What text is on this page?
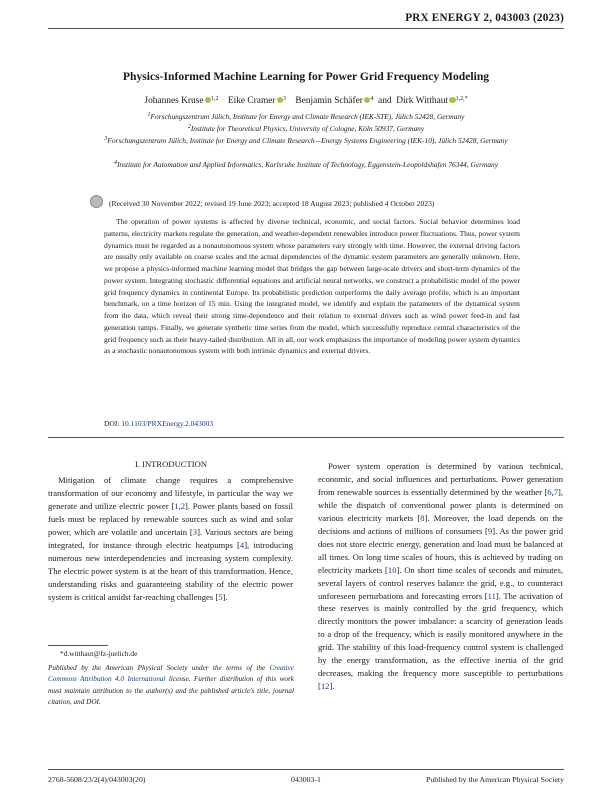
PRX ENERGY 2, 043003 (2023)
Physics-Informed Machine Learning for Power Grid Frequency Modeling
Johannes Kruse $^{1,2}$ Eike Cramer $^3$ Benjamin Schäfer $^4$  and  Dirk Witthaut $^{1,2,*}$
$^1$Forschungszentrum Jülich, Institute for Energy and Climate Research (IEK-STE), Jülich 52428, Germany
$^2$Institute for Theoretical Physics, University of Cologne, Köln 50937, Germany
$^3$Forschungszentrum Jülich, Institute for Energy and Climate Research—Energy Systems Engineering (IEK-10), Jülich 52428, Germany
$^4$Institute for Automation and Applied Informatics, Karlsruhe Institute of Technology, Eggenstein-Leopoldshafen 76344, Germany
(Received 30 November 2022; revised 19 June 2023; accepted 18 August 2023; published 4 October 2023)

The operation of power systems is affected by diverse technical, economic, and social factors. Social behavior determines load patterns, electricity markets regulate the generation, and weather-dependent renewables introduce power fluctuations. Thus, power system dynamics must be regarded as a nonautonomous system whose parameters vary strongly with time. However, the external driving factors are usually only available on coarse scales and the actual dependencies of the dynamic system parameters are generally unknown. Here, we propose a physics-informed machine learning model that bridges the gap between large-scale drivers and short-term dynamics of the power system. Integrating stochastic differential equations and artificial neural networks, we construct a probabilistic model of the power grid frequency dynamics in continental Europe. Its probabilistic prediction outperforms the daily average profile, which is an important benchmark, on a time horizon of 15 min. Using the integrated model, we identify and explain the parameters of the dynamical system from the data, which reveal their strong time-dependence and their relation to external drivers such as wind power feed-in and fast generation ramps. Finally, we generate synthetic time series from the model, which successfully reproduce central characteristics of the grid frequency such as their heavy-tailed distribution. All in all, our work emphasizes the importance of modeling power system dynamics as a stochastic nonautonomous system with both intrinsic dynamics and external drivers.

DOI: 10.1103/PRXEnergy.2.043003
I. INTRODUCTION

Mitigation of climate change requires a comprehensive transformation of our economy and lifestyle, in particular the way we generate and utilize electric power [1,2]. Power plants based on fossil fuels must be replaced by renewable sources such as wind and solar power, which are volatile and uncertain [3]. Various sectors are being integrated, for instance through electric heatpumps [4], introducing numerous new interdependencies and increasing system complexity. The electric power system is at the heart of this transformation. Hence, understanding risks and guaranteeing stability of the electric power system is critical amidst far-reaching challenges [5].

Power system operation is determined by various technical, economic, and social influences and perturbations. Power generation from renewable sources is essentially determined by the weather [6,7], while the dispatch of conventional power plants is determined on various electricity markets [8]. Moreover, the load depends on the decisions and actions of millions of consumers [9]. As the power grid does not store electric energy, generation and load must be balanced at all times. On long time scales of hours, this is achieved by trading on electricity markets [10]. On short time scales of seconds and minutes, several layers of control reserves balance the grid, e.g., to counteract unforeseen perturbations and forecasting errors [11]. The activation of these reserves is mainly controlled by the grid frequency, which directly monitors the power imbalance: a scarcity of generation leads to a drop of the frequency, which is easily monitored anywhere in the grid. The stability of this load-frequency control system is challenged by the energy transformation, as the effective inertia of the grid decreases, making the frequency more susceptible to perturbations [12].

*d.witthaut@fz-juelich.de

Published by the American Physical Society under the terms of the Creative Commons Attribution 4.0 International license. Further distribution of this work must maintain attribution to the author(s) and the published article's title, journal citation, and DOI.

2768-5608/23/2(4)/043003(20)	043003-1	Published by the American Physical Society
